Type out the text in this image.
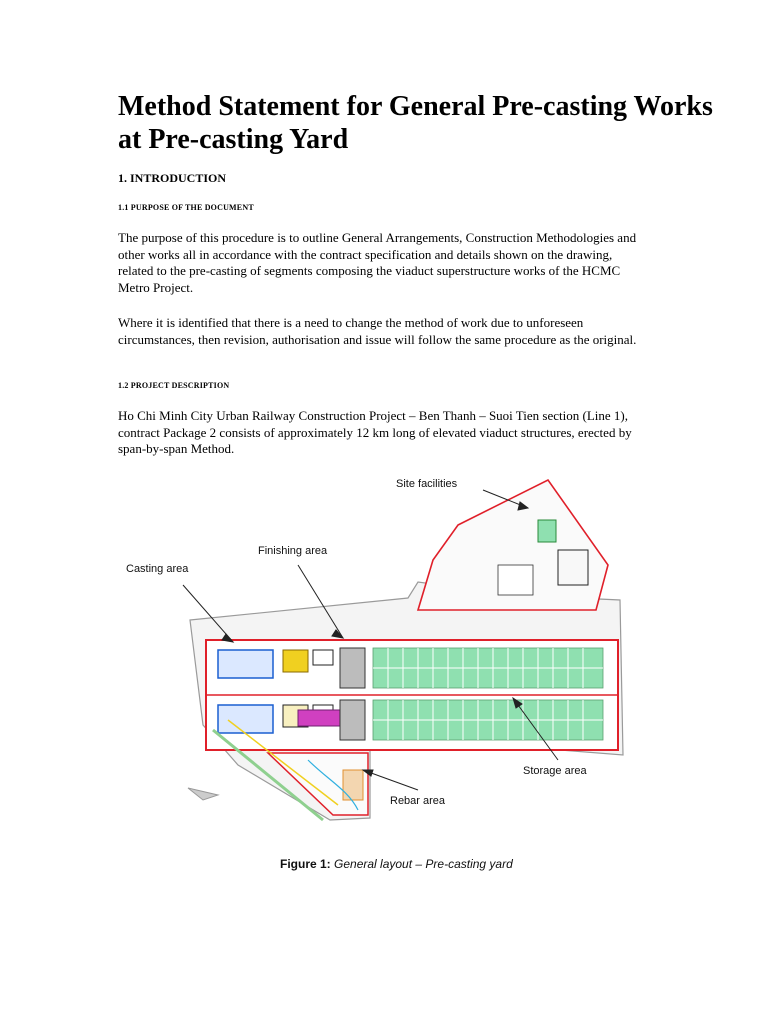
Method Statement for General Pre-casting Works at Pre-casting Yard

1. INTRODUCTION

1.1 PURPOSE OF THE DOCUMENT

The purpose of this procedure is to outline General Arrangements, Construction Methodologies and other works all in accordance with the contract specification and details shown on the drawing, related to the pre-casting of segments composing the viaduct superstructure works of the HCMC Metro Project.

Where it is identified that there is a need to change the method of work due to unforeseen circumstances, then revision, authorisation and issue will follow the same procedure as the original.

1.2 PROJECT DESCRIPTION

Ho Chi Minh City Urban Railway Construction Project – Ben Thanh – Suoi Tien section (Line 1), contract Package 2 consists of approximately 12 km long of elevated viaduct structures, erected by span-by-span Method.

Site facilities
Finishing area
Casting area
Storage area
Rebar area
Figure 1: General layout – Pre-casting yard
